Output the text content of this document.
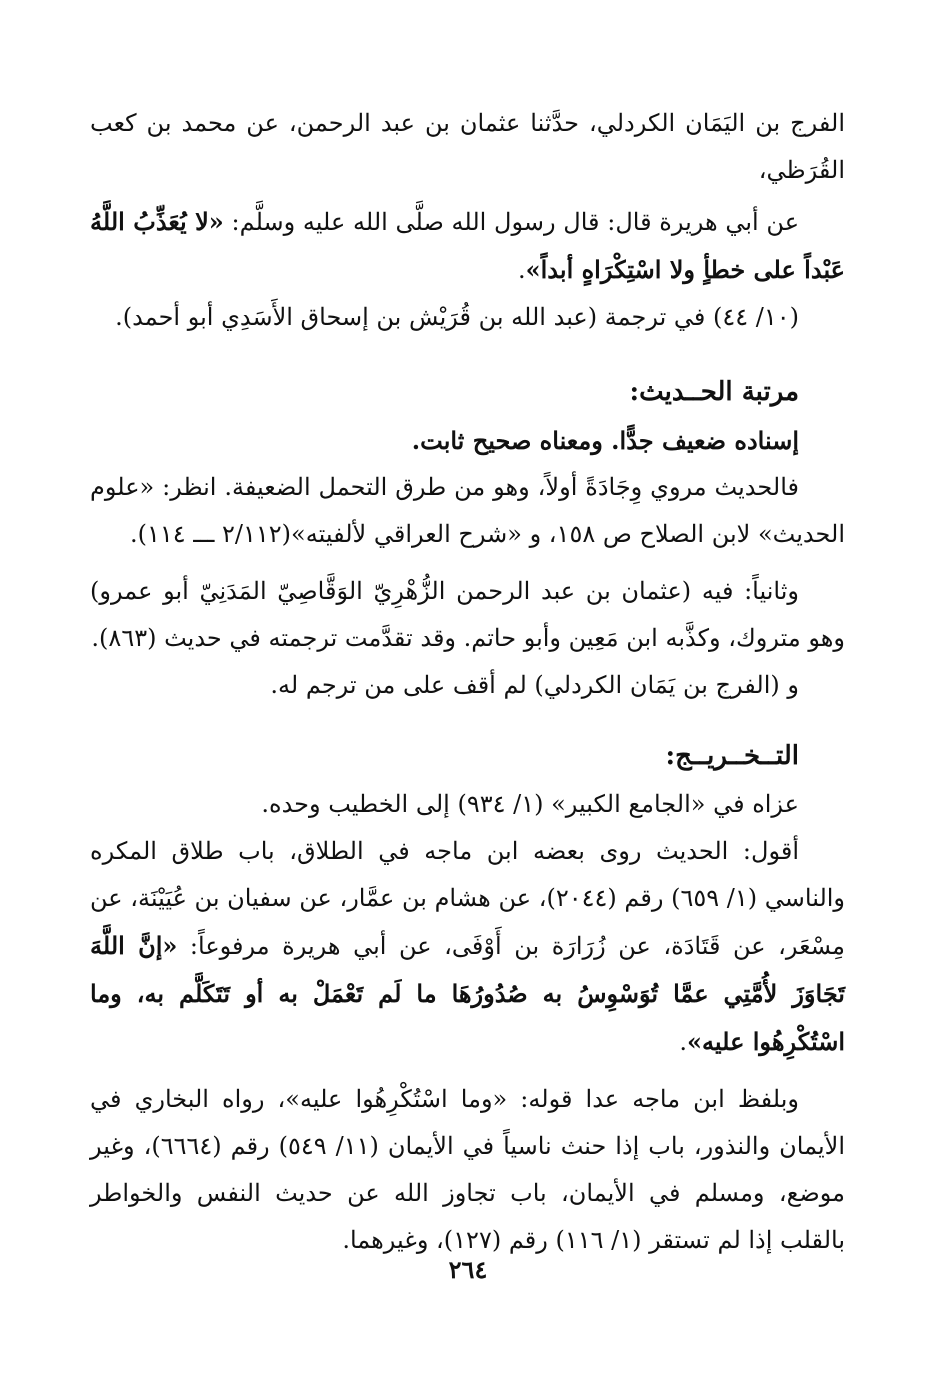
الفرج بن اليَمَان الكردلي، حدَّثنا عثمان بن عبد الرحمن، عن محمد بن كعب القُرَظي،

عن أبي هريرة قال: قال رسول الله صلَّى الله عليه وسلَّم: «لا يُعَذِّبُ اللَّهُ عَبْداً على خطأٍ ولا اسْتِكْرَاهٍ أبداً».

(١٠/ ٤٤) في ترجمة (عبد الله بن قُرَيْش بن إسحاق الأَسَدِي أبو أحمد).

مرتبة الحــديث:

إسناده ضعيف جدًّا. ومعناه صحيح ثابت.

فالحديث مروي وِجَادَةً أولاً، وهو من طرق التحمل الضعيفة. انظر: «علوم الحديث» لابن الصلاح ص ١٥٨، و «شرح العراقي لألفيته»(٢/١١٢ ـــ ١١٤).

وثانياً: فيه (عثمان بن عبد الرحمن الزُّهْرِيّ الوَقَّاصِيّ المَدَنِيّ أبو عمرو) وهو متروك، وكذَّبه ابن مَعِين وأبو حاتم. وقد تقدَّمت ترجمته في حديث (٨٦٣).

و (الفرج بن يَمَان الكردلي) لم أقف على من ترجم له.

التــخــريــج:

عزاه في «الجامع الكبير» (١/ ٩٣٤) إلى الخطيب وحده.

أقول: الحديث روى بعضه ابن ماجه في الطلاق، باب طلاق المكره والناسي (١/ ٦٥٩) رقم (٢٠٤٤)، عن هشام بن عمَّار، عن سفيان بن عُيَيْنَة، عن مِسْعَر، عن قَتَادَة، عن زُرَارَة بن أَوْفَى، عن أبي هريرة مرفوعاً: «إنَّ اللَّهَ تَجَاوَزَ لأُمَّتِي عمَّا تُوَسْوِسُ به صُدُورُهَا ما لَم تَعْمَلْ به أو تَتَكَلَّم به، وما اسْتُكْرِهُوا عليه».

وبلفظ ابن ماجه عدا قوله: «وما اسْتُكْرِهُوا عليه»، رواه البخاري في الأيمان والنذور، باب إذا حنث ناسياً في الأيمان (١١/ ٥٤٩) رقم (٦٦٦٤)، وغير موضع، ومسلم في الأيمان، باب تجاوز الله عن حديث النفس والخواطر بالقلب إذا لم تستقر (١/ ١١٦) رقم (١٢٧)، وغيرهما.

٢٦٤
